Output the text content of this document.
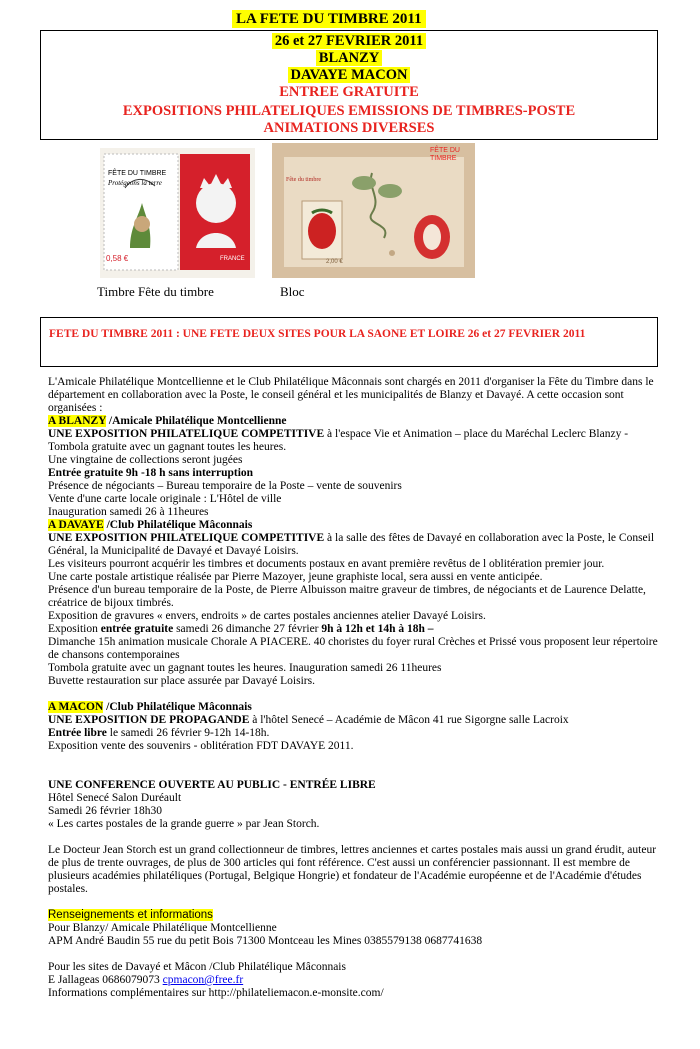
LA FETE DU TIMBRE 2011
26 et 27 FEVRIER 2011
BLANZY
DAVAYE MACON
ENTREE GRATUITE
EXPOSITIONS PHILATELIQUES EMISSIONS DE TIMBRES-POSTE
ANIMATIONS DIVERSES
FÊTE DU TIMBRE
Protégeons la terre
0,58 €	FRANCE
FÊTE DU TIMBRE
Fête du timbre
2,00 €
Timbre Fête du timbre	Bloc
FETE DU TIMBRE 2011 : UNE FETE DEUX SITES POUR LA SAONE ET LOIRE 26 et 27 FEVRIER 2011

L'Amicale Philatélique Montcellienne et le Club Philatélique Mâconnais sont chargés en 2011 d'organiser la Fête du Timbre dans le département en collaboration avec la Poste, le conseil général et les municipalités de Blanzy et Davayé. A cette occasion sont organisées :

A BLANZY /Amicale Philatélique Montcellienne

UNE EXPOSITION PHILATELIQUE COMPETITIVE à l'espace Vie et Animation – place du Maréchal Leclerc Blanzy - Tombola gratuite avec un gagnant toutes les heures.

Une vingtaine de collections seront jugées

Entrée gratuite 9h -18 h sans interruption

Présence de négociants – Bureau temporaire de la Poste – vente de souvenirs

Vente d'une carte locale originale : L'Hôtel de ville

Inauguration samedi 26 à 11heures

A DAVAYE /Club Philatélique Mâconnais

UNE EXPOSITION PHILATELIQUE COMPETITIVE à la salle des fêtes de Davayé en collaboration avec la Poste, le Conseil Général, la Municipalité de Davayé et Davayé Loisirs.

Les visiteurs pourront acquérir les timbres et documents postaux en avant première revêtus de l oblitération premier jour.

Une carte postale artistique réalisée par Pierre Mazoyer, jeune graphiste local, sera aussi en vente anticipée.

Présence d'un bureau temporaire de la Poste, de Pierre Albuisson maitre graveur de timbres, de négociants et de Laurence Delatte, créatrice de bijoux timbrés.

Exposition de gravures « envers, endroits » de cartes postales anciennes atelier Davayé Loisirs.

Exposition entrée gratuite samedi 26 dimanche 27 février 9h à 12h et 14h à 18h –

Dimanche 15h animation musicale Chorale A PIACERE. 40 choristes du foyer rural Crèches et Prissé vous proposent leur répertoire de chansons contemporaines

Tombola gratuite avec un gagnant toutes les heures. Inauguration samedi 26 11heures

Buvette restauration sur place assurée par Davayé Loisirs.

A MACON /Club Philatélique Mâconnais

UNE EXPOSITION DE PROPAGANDE à l'hôtel Senecé – Académie de Mâcon 41 rue Sigorgne salle Lacroix

Entrée libre le samedi 26 février 9-12h 14-18h.

Exposition vente des souvenirs - oblitération FDT DAVAYE 2011.

UNE CONFERENCE OUVERTE AU PUBLIC - ENTRÉE LIBRE

Hôtel Senecé Salon Duréault

Samedi 26 février 18h30

« Les cartes postales de la grande guerre » par Jean Storch.

Le Docteur Jean Storch est un grand collectionneur de timbres, lettres anciennes et cartes postales mais aussi un grand érudit, auteur de plus de trente ouvrages, de plus de 300 articles qui font référence. C'est aussi un conférencier passionnant. Il est membre de plusieurs académies philatéliques (Portugal, Belgique Hongrie) et fondateur de l'Académie européenne et de l'Académie d'études postales.

Renseignements et informations

Pour Blanzy/ Amicale Philatélique Montcellienne

APM André Baudin 55 rue du petit Bois 71300 Montceau les Mines 0385579138 0687741638

Pour les sites de Davayé et Mâcon /Club Philatélique Mâconnais

E Jallageas 0686079073 cpmacon@free.fr

Informations complémentaires sur http://philateliemacon.e-monsite.com/
